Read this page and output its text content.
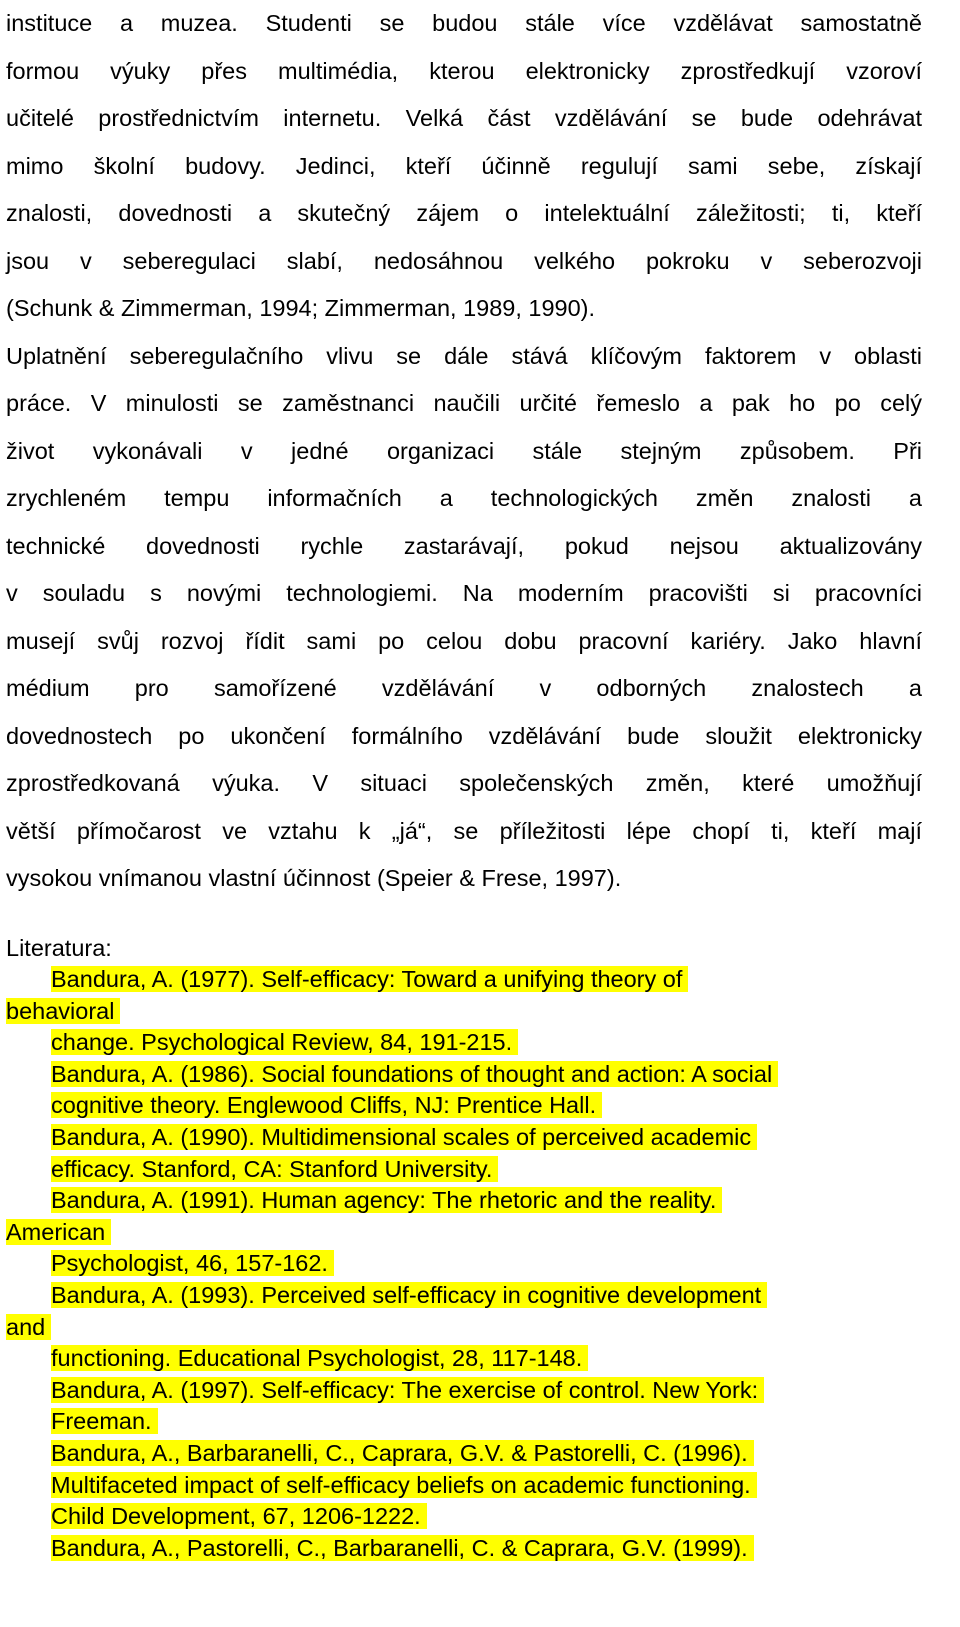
instituce a muzea. Studenti se budou stále více vzdělávat samostatně
formou výuky přes multimédia, kterou elektronicky zprostředkují vzoroví
učitelé prostřednictvím internetu. Velká část vzdělávání se bude odehrávat
mimo školní budovy. Jedinci, kteří účinně regulují sami sebe, získají
znalosti, dovednosti a skutečný zájem o intelektuální záležitosti; ti, kteří
jsou v seberegulaci slabí, nedosáhnou velkého pokroku v seberozvoji
(Schunk & Zimmerman, 1994; Zimmerman, 1989, 1990).
Uplatnění seberegulačního vlivu se dále stává klíčovým faktorem v oblasti
práce. V minulosti se zaměstnanci naučili určité řemeslo a pak ho po celý
život vykonávali v jedné organizaci stále stejným způsobem. Při
zrychleném tempu informačních a technologických změn znalosti a
technické dovednosti rychle zastarávají, pokud nejsou aktualizovány
v souladu s novými technologiemi. Na moderním pracovišti si pracovníci
musejí svůj rozvoj řídit sami po celou dobu pracovní kariéry. Jako hlavní
médium pro samořízené vzdělávání v odborných znalostech a
dovednostech po ukončení formálního vzdělávání bude sloužit elektronicky
zprostředkovaná výuka. V situaci společenských změn, které umožňují
větší přímočarost ve vztahu k „já“, se příležitosti lépe chopí ti, kteří mají
vysokou vnímanou vlastní účinnost (Speier & Frese, 1997).
Literatura:
Bandura, A. (1977). Self-efficacy: Toward a unifying theory of
behavioral
change. Psychological Review, 84, 191-215.
Bandura, A. (1986). Social foundations of thought and action: A social
cognitive theory. Englewood Cliffs, NJ: Prentice Hall.
Bandura, A. (1990). Multidimensional scales of perceived academic
efficacy. Stanford, CA: Stanford University.
Bandura, A. (1991). Human agency: The rhetoric and the reality.
American
Psychologist, 46, 157-162.
Bandura, A. (1993). Perceived self-efficacy in cognitive development
and
functioning. Educational Psychologist, 28, 117-148.
Bandura, A. (1997). Self-efficacy: The exercise of control. New York:
Freeman.
Bandura, A., Barbaranelli, C., Caprara, G.V. & Pastorelli, C. (1996).
Multifaceted impact of self-efficacy beliefs on academic functioning.
Child Development, 67, 1206-1222.
Bandura, A., Pastorelli, C., Barbaranelli, C. & Caprara, G.V. (1999).
